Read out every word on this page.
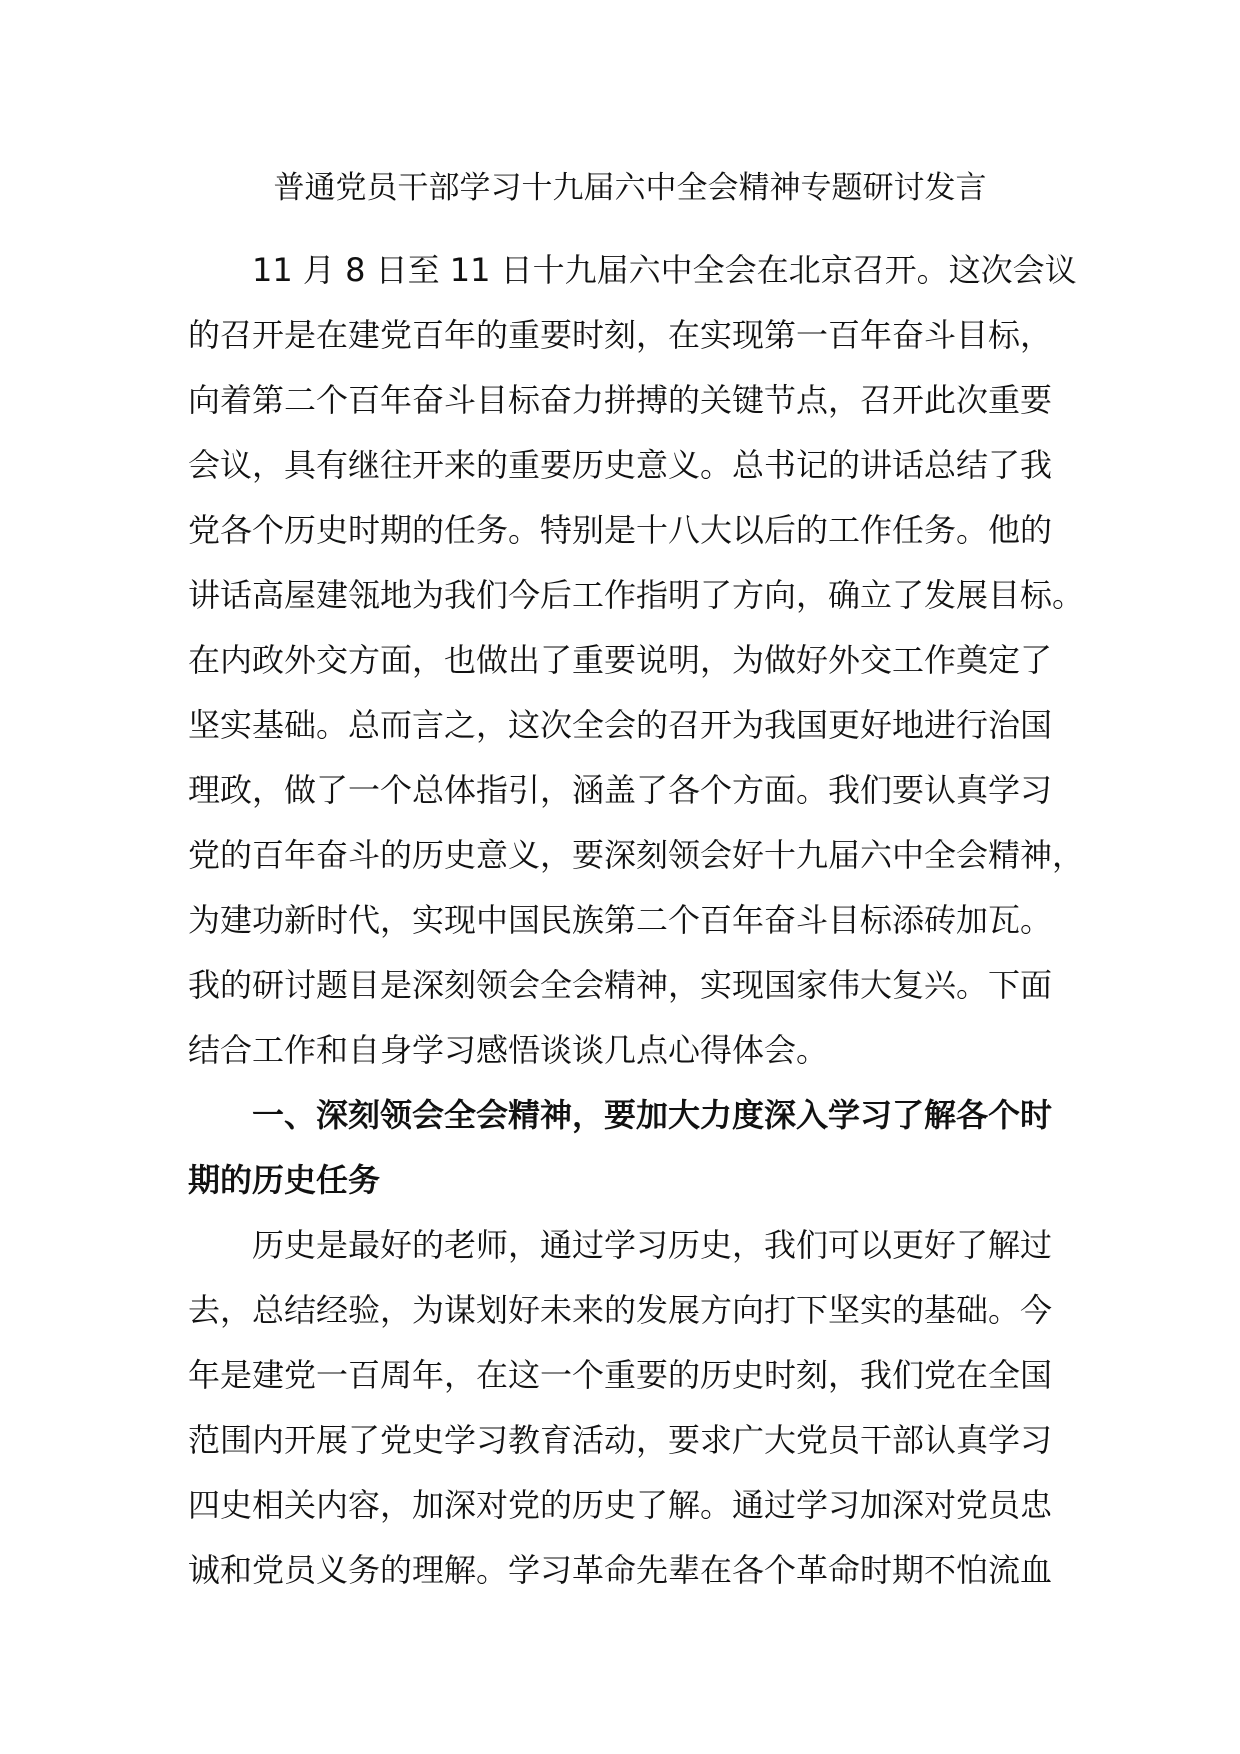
普通党员干部学习十九届六中全会精神专题研讨发言
11 月 8 日至 11 日十九届六中全会在北京召开。这次会议
的召开是在建党百年的重要时刻，在实现第一百年奋斗目标，
向着第二个百年奋斗目标奋力拼搏的关键节点，召开此次重要
会议，具有继往开来的重要历史意义。总书记的讲话总结了我
党各个历史时期的任务。特别是十八大以后的工作任务。他的
讲话高屋建瓴地为我们今后工作指明了方向，确立了发展目标。
在内政外交方面，也做出了重要说明，为做好外交工作奠定了
坚实基础。总而言之，这次全会的召开为我国更好地进行治国
理政，做了一个总体指引，涵盖了各个方面。我们要认真学习
党的百年奋斗的历史意义，要深刻领会好十九届六中全会精神，
为建功新时代，实现中国民族第二个百年奋斗目标添砖加瓦。
我的研讨题目是深刻领会全会精神，实现国家伟大复兴。下面
结合工作和自身学习感悟谈谈几点心得体会。
一、深刻领会全会精神，要加大力度深入学习了解各个时
期的历史任务
历史是最好的老师，通过学习历史，我们可以更好了解过
去，总结经验，为谋划好未来的发展方向打下坚实的基础。今
年是建党一百周年，在这一个重要的历史时刻，我们党在全国
范围内开展了党史学习教育活动，要求广大党员干部认真学习
四史相关内容，加深对党的历史了解。通过学习加深对党员忠
诚和党员义务的理解。学习革命先辈在各个革命时期不怕流血
